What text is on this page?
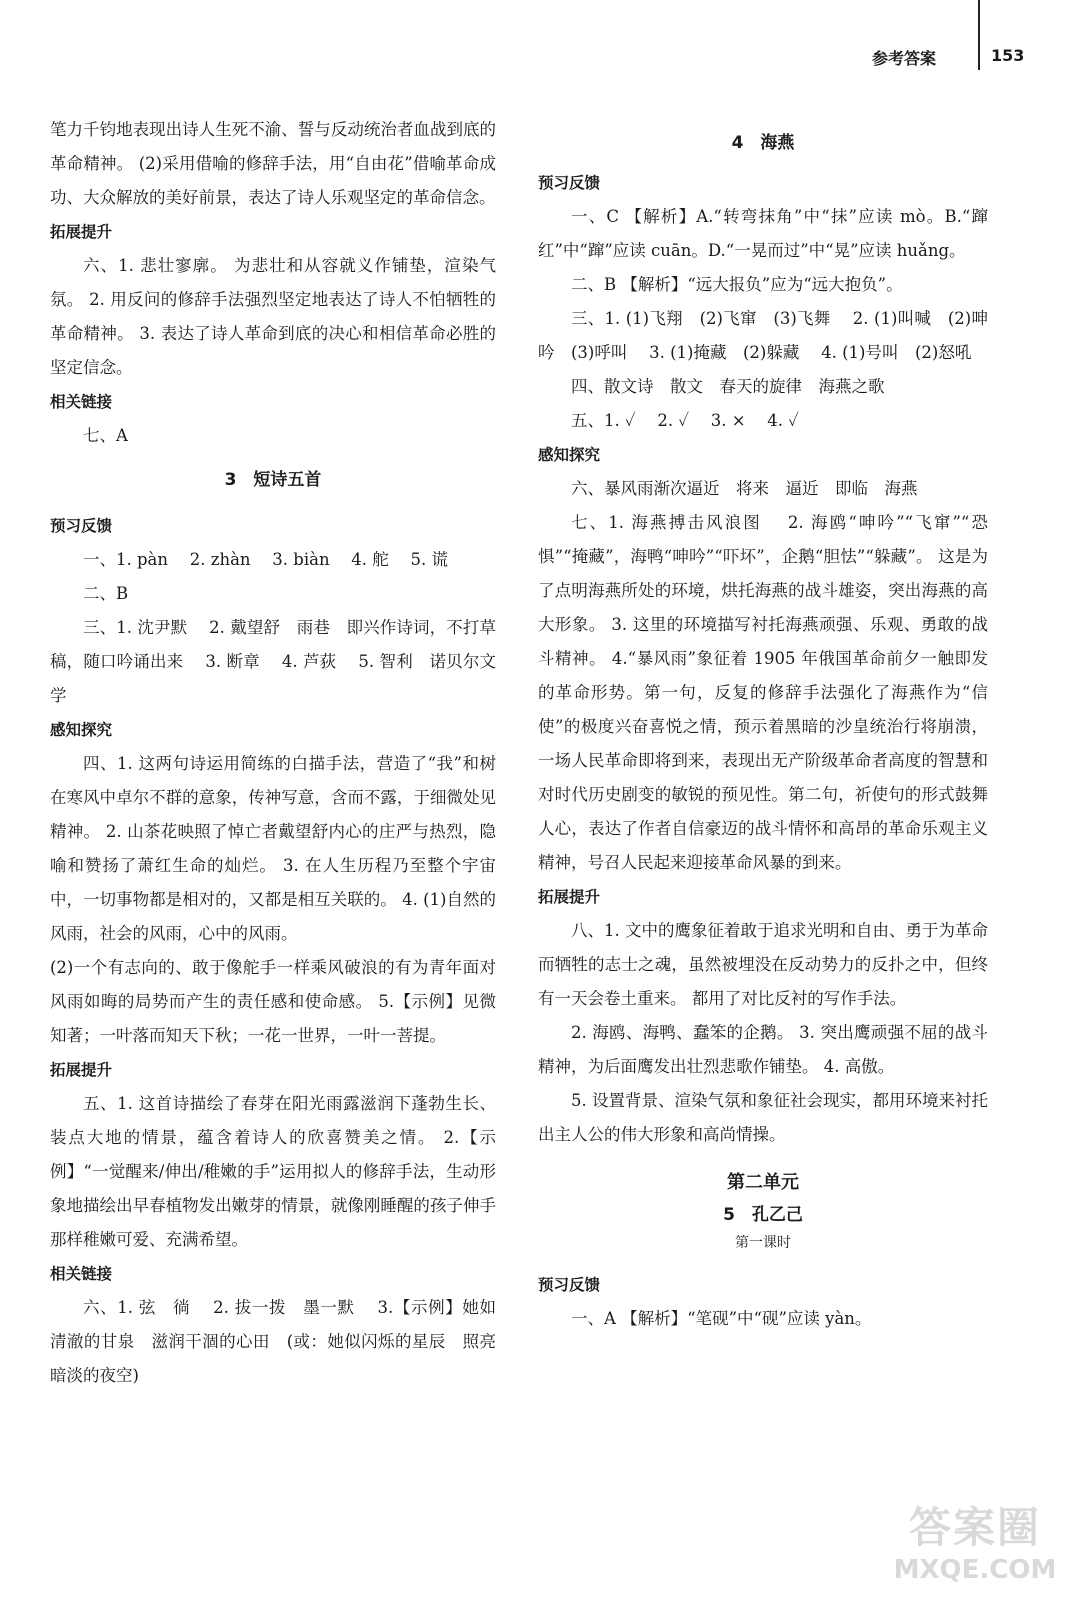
参考答案	153

笔力千钧地表现出诗人生死不渝、誓与反动统治者血战到底的革命精神。 (2)采用借喻的修辞手法，用“自由花”借喻革命成功、大众解放的美好前景，表达了诗人乐观坚定的革命信念。

拓展提升

六、1. 悲壮寥廓。 为悲壮和从容就义作铺垫，渲染气氛。 2. 用反问的修辞手法强烈坚定地表达了诗人不怕牺牲的革命精神。 3. 表达了诗人革命到底的决心和相信革命必胜的坚定信念。

相关链接

七、A

3　短诗五首

预习反馈

一、1. pàn　 2. zhàn　 3. biàn　 4. 舵　 5. 谎

二、B

三、1. 沈尹默　 2. 戴望舒　雨巷　即兴作诗词，不打草稿，随口吟诵出来　 3. 断章　 4. 芦荻　 5. 智利　诺贝尔文学

感知探究

四、1. 这两句诗运用简练的白描手法，营造了“我”和树在寒风中卓尔不群的意象，传神写意，含而不露，于细微处见精神。 2. 山茶花映照了悼亡者戴望舒内心的庄严与热烈，隐喻和赞扬了萧红生命的灿烂。 3. 在人生历程乃至整个宇宙中，一切事物都是相对的，又都是相互关联的。 4. (1)自然的风雨，社会的风雨，心中的风雨。

(2)一个有志向的、敢于像舵手一样乘风破浪的有为青年面对风雨如晦的局势而产生的责任感和使命感。 5.【示例】见微知著；一叶落而知天下秋；一花一世界，一叶一菩提。

拓展提升

五、1. 这首诗描绘了春芽在阳光雨露滋润下蓬勃生长、装点大地的情景，蕴含着诗人的欣喜赞美之情。 2.【示例】“一觉醒来/伸出/稚嫩的手”运用拟人的修辞手法，生动形象地描绘出早春植物发出嫩芽的情景，就像刚睡醒的孩子伸手那样稚嫩可爱、充满希望。

相关链接

六、1. 弦　徜　 2. 拔一拨　墨一默　 3.【示例】她如清澈的甘泉　滋润干涸的心田　(或：她似闪烁的星辰　照亮暗淡的夜空)

4　海燕

预习反馈

一、C 【解析】A.“转弯抹角”中“抹”应读 mò。B.“蹿红”中“蹿”应读 cuān。D.“一晃而过”中“晃”应读 huǎng。

二、B 【解析】“远大报负”应为“远大抱负”。

三、1. (1)飞翔　(2)飞窜　(3)飞舞　 2. (1)叫喊　(2)呻吟　(3)呼叫　 3. (1)掩藏　(2)躲藏　 4. (1)号叫　(2)怒吼

四、散文诗　散文　春天的旋律　海燕之歌

五、1. ✓　 2. ✓　 3. ×　 4. ✓

感知探究

六、暴风雨渐次逼近　将来　逼近　即临　海燕

七、1. 海燕搏击风浪图　 2. 海鸥“呻吟”“飞窜”“恐惧”“掩藏”，海鸭“呻吟”“吓坏”，企鹅“胆怯”“躲藏”。 这是为了点明海燕所处的环境，烘托海燕的战斗雄姿，突出海燕的高大形象。 3. 这里的环境描写衬托海燕顽强、乐观、勇敢的战斗精神。 4.“暴风雨”象征着 1905 年俄国革命前夕一触即发的革命形势。第一句，反复的修辞手法强化了海燕作为“信使”的极度兴奋喜悦之情，预示着黑暗的沙皇统治行将崩溃，一场人民革命即将到来，表现出无产阶级革命者高度的智慧和对时代历史剧变的敏锐的预见性。第二句，祈使句的形式鼓舞人心，表达了作者自信豪迈的战斗情怀和高昂的革命乐观主义精神，号召人民起来迎接革命风暴的到来。

拓展提升

八、1. 文中的鹰象征着敢于追求光明和自由、勇于为革命而牺牲的志士之魂，虽然被埋没在反动势力的反扑之中，但终有一天会卷土重来。 都用了对比反衬的写作手法。

2. 海鸥、海鸭、蠢笨的企鹅。 3. 突出鹰顽强不屈的战斗精神，为后面鹰发出壮烈悲歌作铺垫。 4. 高傲。

5. 设置背景、渲染气氛和象征社会现实，都用环境来衬托出主人公的伟大形象和高尚情操。

第二单元

5　孔乙己

第一课时

预习反馈

一、A 【解析】“笔砚”中“砚”应读 yàn。

答案圈
MXQE.COM
